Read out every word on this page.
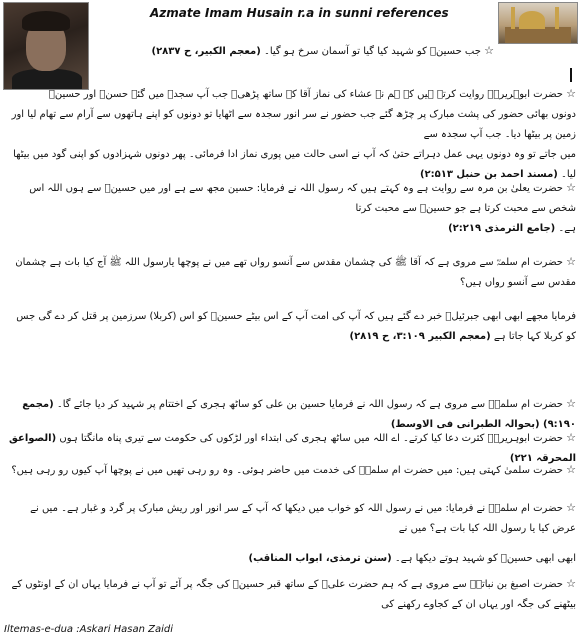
Azmate Imam Husain r.a in sunni references
☆ جب حسینؓ کو شہید کیا گیا تو آسمان سرخ ہو گیا۔ (معجم الکبیر، ح ۲۸۳۷)
☆ حضرت ابوہریرہؓ روایت کرتے ہیں کہ ہم نے عشاء کی نماز آقا کے ساتھ پڑھی۔ جب آپ سجدہ میں گئے حسنؓ اور حسینؓ
دونوں بھائی حضور کی پشت مبارک پر چڑھ گئے جب حضور نے سر انور سجدہ سے اٹھایا تو دونوں کو اپنے ہاتھوں سے آرام سے تھام لیا اور زمین پر بیٹھا دیا۔ جب آپ سجدہ سے
میں جاتے تو وہ دونوں یہی عمل دہراتے حتیٰ کہ آپ نے اسی حالت میں پوری نماز ادا فرمائی۔ پھر دونوں شہزادوں کو اپنی گود میں بیٹھا لیا۔ (مسند احمد بن حنبل ۲:۵۱۳)
☆ حضرت یعلیٰ بن مرہ سے روایت ہے وہ کہتے ہیں کہ رسول اللہ نے فرمایا: حسین مجھ سے ہے اور میں حسینؓ سے ہوں اللہ اس شخص سے محبت کرتا ہے جو حسینؓ سے محبت کرتا
ہے۔ (جامع الترمذی ۲:۲۱۹)
☆ حضرت ام سلمہؓ سے مروی ہے کہ آقا ﷺ کی چشمان مقدس سے آنسو رواں تھے میں نے پوچھا یارسول اللہ ﷺ آج کیا بات ہے چشمان مقدس سے آنسو رواں ہیں؟
فرمایا مجھے ابھی ابھی جبرئیلؑ خبر دے گئے ہیں کہ آپ کی امت آپ کے اس بیٹے حسینؓ کو اس (کربلا) سرزمین پر قتل کر دے گی جس کو کربلا کہا جاتا ہے (معجم الکبیر ۳:۱۰۹، ح ۲۸۱۹)
☆ حضرت ام سلمہؓ سے مروی ہے کہ رسول اللہ نے فرمایا حسین بن علی کو ساٹھ ہجری کے اختتام پر شہید کر دیا جائے گا۔ (مجمع ۹:۱۹۰) (بحوالہ الطبرانی فی الاوسط)
☆ حضرت ابوہریرہؓ کثرت دعا کیا کرتے۔ اے اللہ میں ساٹھ ہجری کی ابتداء اور لڑکوں کی حکومت سے تیری پناہ مانگتا ہوں (الصواعق المحرقہ ۲۲۱)
☆ حضرت سلمیٰ کہتی ہیں: میں حضرت ام سلمہؓ کی خدمت میں حاضر ہوئی۔ وہ رو رہی تھیں میں نے پوچھا آپ کیوں رو رہی ہیں؟
☆ حضرت ام سلمہؓ نے فرمایا: میں نے رسول اللہ کو خواب میں دیکھا کہ آپ کے سر انور اور ریش مبارک پر گرد و غبار ہے۔ میں نے عرض کیا یا رسول اللہ کیا بات ہے؟ میں نے
ابھی ابھی حسینؓ کو شہید ہوتے دیکھا ہے۔ (سنن ترمذی، ابواب المناقب)
☆ حضرت اصبغ بن نباتہؓ سے مروی ہے کہ ہم حضرت علیؓ کے ساتھ قبر حسینؓ کی جگہ پر آئے تو آپ نے فرمایا یہاں ان کے اونٹوں کے بیٹھنے کی جگہ اور یہاں ان کے کجاوے رکھنے کی
Iltemas-e-dua :Askari Hasan Zaidi
